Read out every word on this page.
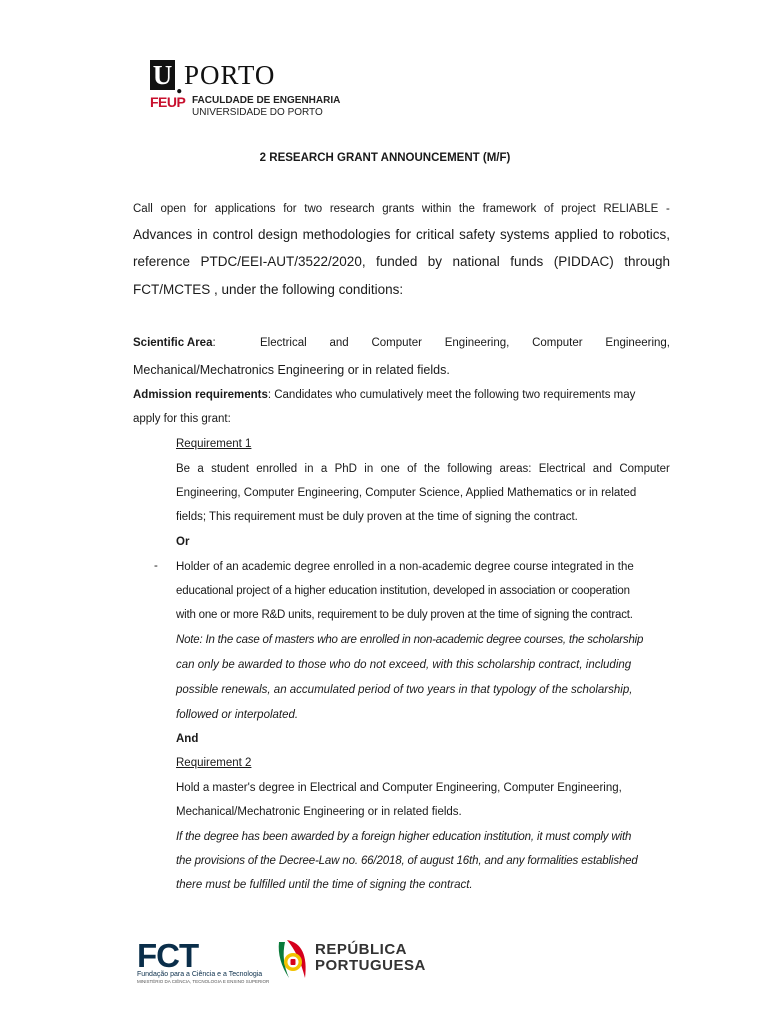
U . PORTO
FEUP FACULDADE DE ENGENHARIA
UNIVERSIDADE DO PORTO
2 RESEARCH GRANT ANNOUNCEMENT (M/F)
Call open for applications for two research grants within the framework of project RELIABLE -
Advances in control design methodologies for critical safety systems applied to robotics,
reference PTDC/EEI-AUT/3522/2020, funded by national funds (PIDDAC) through
FCT/MCTES , under the following conditions:
Scientific Area:	Electrical and Computer Engineering, Computer Engineering,
Mechanical/Mechatronics Engineering or in related fields.
Admission requirements: Candidates who cumulatively meet the following two requirements may
apply for this grant:
Requirement 1
Be a student enrolled in a PhD in one of the following areas: Electrical and Computer
Engineering, Computer Engineering, Computer Science, Applied Mathematics or in related
fields; This requirement must be duly proven at the time of signing the contract.
Or
- Holder of an academic degree enrolled in a non-academic degree course integrated in the
educational project of a higher education institution, developed in association or cooperation
with one or more R&D units, requirement to be duly proven at the time of signing the contract.
Note: In the case of masters who are enrolled in non-academic degree courses, the scholarship
can only be awarded to those who do not exceed, with this scholarship contract, including
possible renewals, an accumulated period of two years in that typology of the scholarship,
followed or interpolated.
And
Requirement 2
Hold a master's degree in Electrical and Computer Engineering, Computer Engineering,
Mechanical/Mechatronic Engineering or in related fields.
If the degree has been awarded by a foreign higher education institution, it must comply with
the provisions of the Decree-Law no. 66/2018, of august 16th, and any formalities established
there must be fulfilled until the time of signing the contract.
FCT
Fundação para a Ciência e a Tecnologia
MINISTÉRIO DA CIÊNCIA, TECNOLOGIA E ENSINO SUPERIOR
REPÚBLICA
PORTUGUESA
